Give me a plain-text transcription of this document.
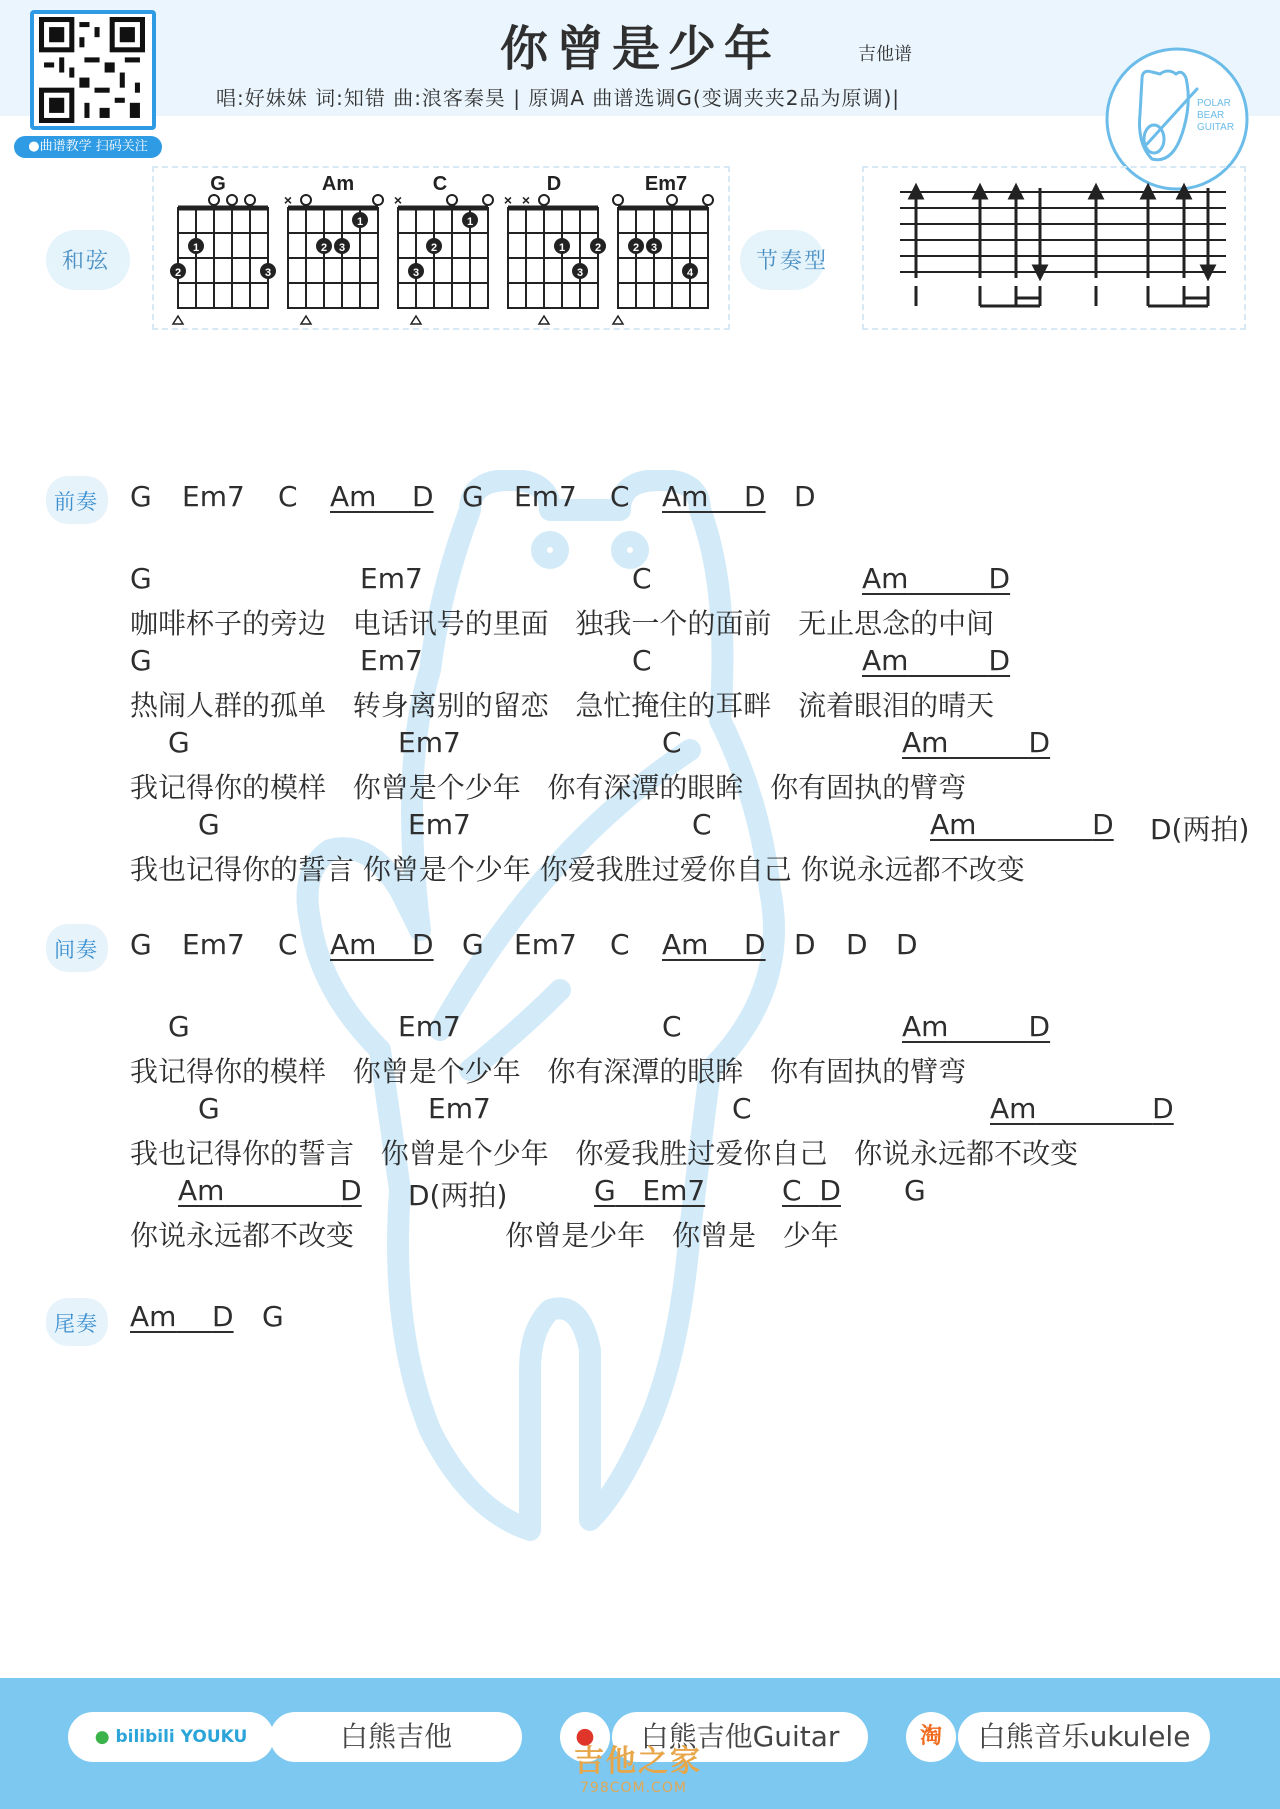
你曾是少年	吉他谱
唱:好妹妹 词:知错 曲:浪客秦昊 | 原调A 曲谱选调G(变调夹夹2品为原调)|
●曲谱教学 扫码关注
POLAR
BEAR
GUITAR
和弦
G
1
2	3
Am
×
1
2 3
C
×
1
2
3
D
× ×
1	2
3
Em7
2 3
4	节奏型
前奏 G Em7 C Am D G Em7 C Am D D
G	Em7	C	Am	D
咖啡杯子的旁边   电话讯号的里面   独我一个的面前   无止思念的中间
G	Em7	C	Am	D
热闹人群的孤单   转身离别的留恋   急忙掩住的耳畔   流着眼泪的晴天
G	Em7	C	Am	D
我记得你的模样   你曾是个少年   你有深潭的眼眸   你有固执的臂弯
G	Em7	C	Am	D D(两拍)
我也记得你的誓言 你曾是个少年 你爱我胜过爱你自己 你说永远都不改变
间奏 G Em7 C Am D G Em7 C Am D D D D
G	Em7	C	Am	D
我记得你的模样   你曾是个少年   你有深潭的眼眸   你有固执的臂弯
G	Em7	C	Am	D
我也记得你的誓言   你曾是个少年   你爱我胜过爱你自己   你说永远都不改变
Am	D D(两拍)	G Em7	C D G
你说永远都不改变                 你曾是少年   你曾是   少年
尾奏 Am D G
● bilibili YOUKU	白熊吉他	●	白熊吉他Guitar	淘	白熊音乐ukulele
吉他之家
798COM.COM
